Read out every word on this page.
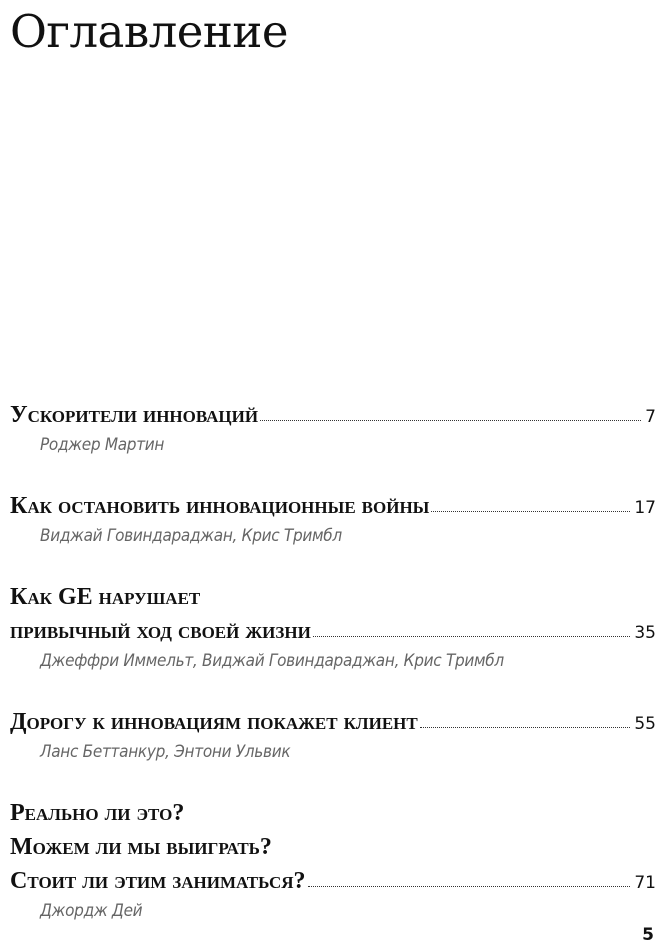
Оглавление
Ускорители инноваций	7
Роджер Мартин
Как остановить инновационные войны	17
Виджай Говиндараджан, Крис Тримбл
Как GE нарушает
привычный ход своей жизни	35
Джеффри Иммельт, Виджай Говиндараджан, Крис Тримбл
Дорогу к инновациям покажет клиент	55
Ланс Беттанкур, Энтони Ульвик
Реально ли это?
Можем ли мы выиграть?
Стоит ли этим заниматься?	71
Джордж Дей
5
